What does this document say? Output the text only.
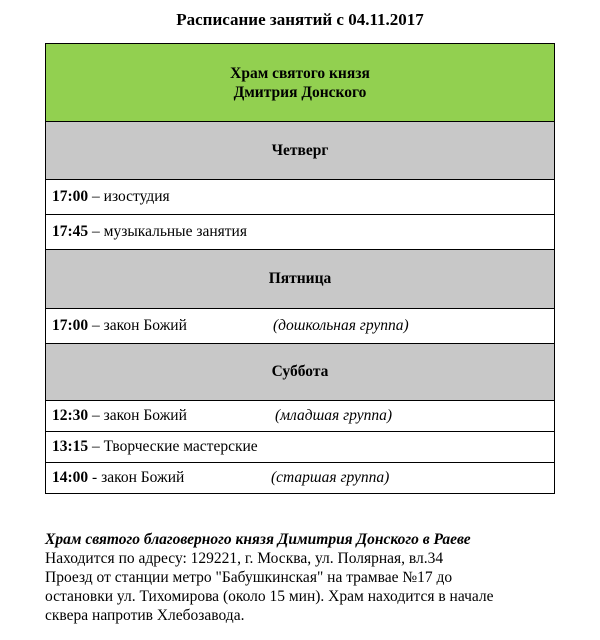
Расписание занятий с 04.11.2017
Храм святого князя
Дмитрия Донского

Четверг

17:00 – изостудия

17:45 – музыкальные занятия

Пятница

17:00 – закон Божий	(дошкольная группа)

Суббота

12:30 – закон Божий	(младшая группа)

13:15 – Творческие мастерские

14:00 - закон Божий	(старшая группа)
Храм святого благоверного князя Димитрия Донского в Раеве
Находится по адресу: 129221, г. Москва, ул. Полярная, вл.34
Проезд от станции метро "Бабушкинская" на трамвае №17 до
остановки ул. Тихомирова (около 15 мин). Храм находится в начале
сквера напротив Хлебозавода.
